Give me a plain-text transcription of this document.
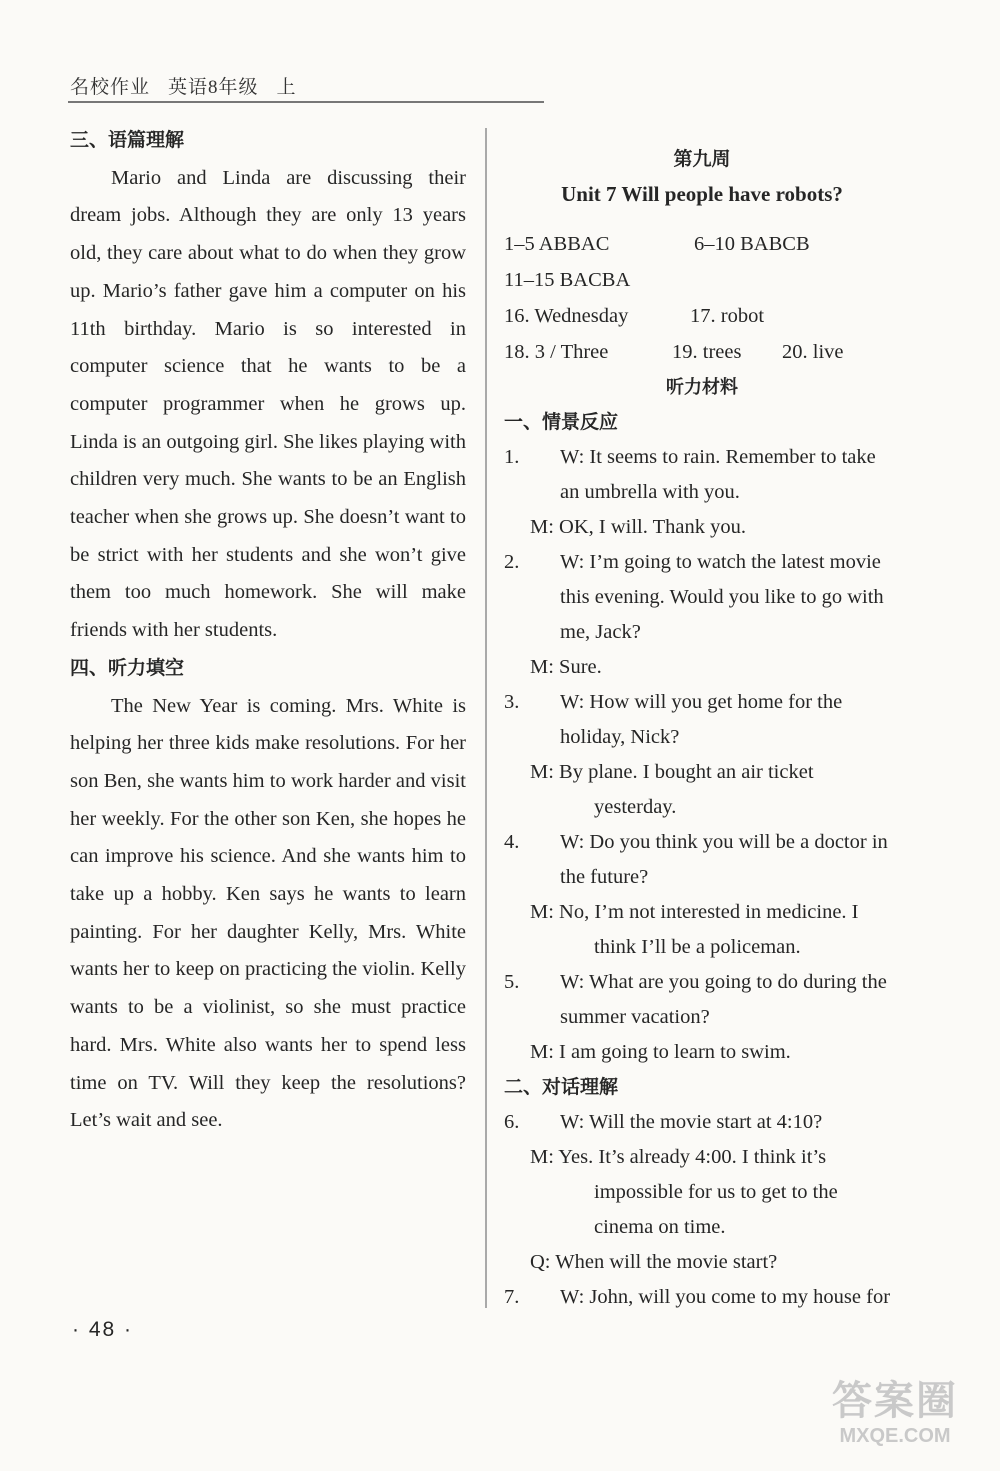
名校作业 英语8年级 上
三、语篇理解
Mario and Linda are discussing their dream jobs. Although they are only 13 years old, they care about what to do when they grow up. Mario’s father gave him a computer on his 11th birthday. Mario is so interested in computer science that he wants to be a computer programmer when he grows up. Linda is an outgoing girl. She likes playing with children very much. She wants to be an English teacher when she grows up. She doesn’t want to be strict with her students and she won’t give them too much homework. She will make friends with her students.
四、听力填空
The New Year is coming. Mrs. White is helping her three kids make resolutions. For her son Ben, she wants him to work harder and visit her weekly. For the other son Ken, she hopes he can improve his science. And she wants him to take up a hobby. Ken says he wants to learn painting. For her daughter Kelly, Mrs. White wants her to keep on practicing the violin. Kelly wants to be a violinist, so she must practice hard. Mrs. White also wants her to spend less time on TV. Will they keep the resolutions? Let’s wait and see.
第九周
Unit 7 Will people have robots?
1–5 ABBAC	6–10 BABCB
11–15 BACBA
16. Wednesday	17. robot
18. 3 / Three	19. trees	20. live
听力材料
一、情景反应
1. W: It seems to rain. Remember to take an umbrella with you.
M: OK, I will. Thank you.
2. W: I’m going to watch the latest movie this evening. Would you like to go with me, Jack?
M: Sure.
3. W: How will you get home for the holiday, Nick?
M: By plane. I bought an air ticket yesterday.
4. W: Do you think you will be a doctor in the future?
M: No, I’m not interested in medicine. I think I’ll be a policeman.
5. W: What are you going to do during the summer vacation?
M: I am going to learn to swim.
二、对话理解
6. W: Will the movie start at 4:10?
M: Yes. It’s already 4:00. I think it’s impossible for us to get to the cinema on time.
Q: When will the movie start?
7. W: John, will you come to my house for
· 48 ·
答案圈
MXQE.COM
